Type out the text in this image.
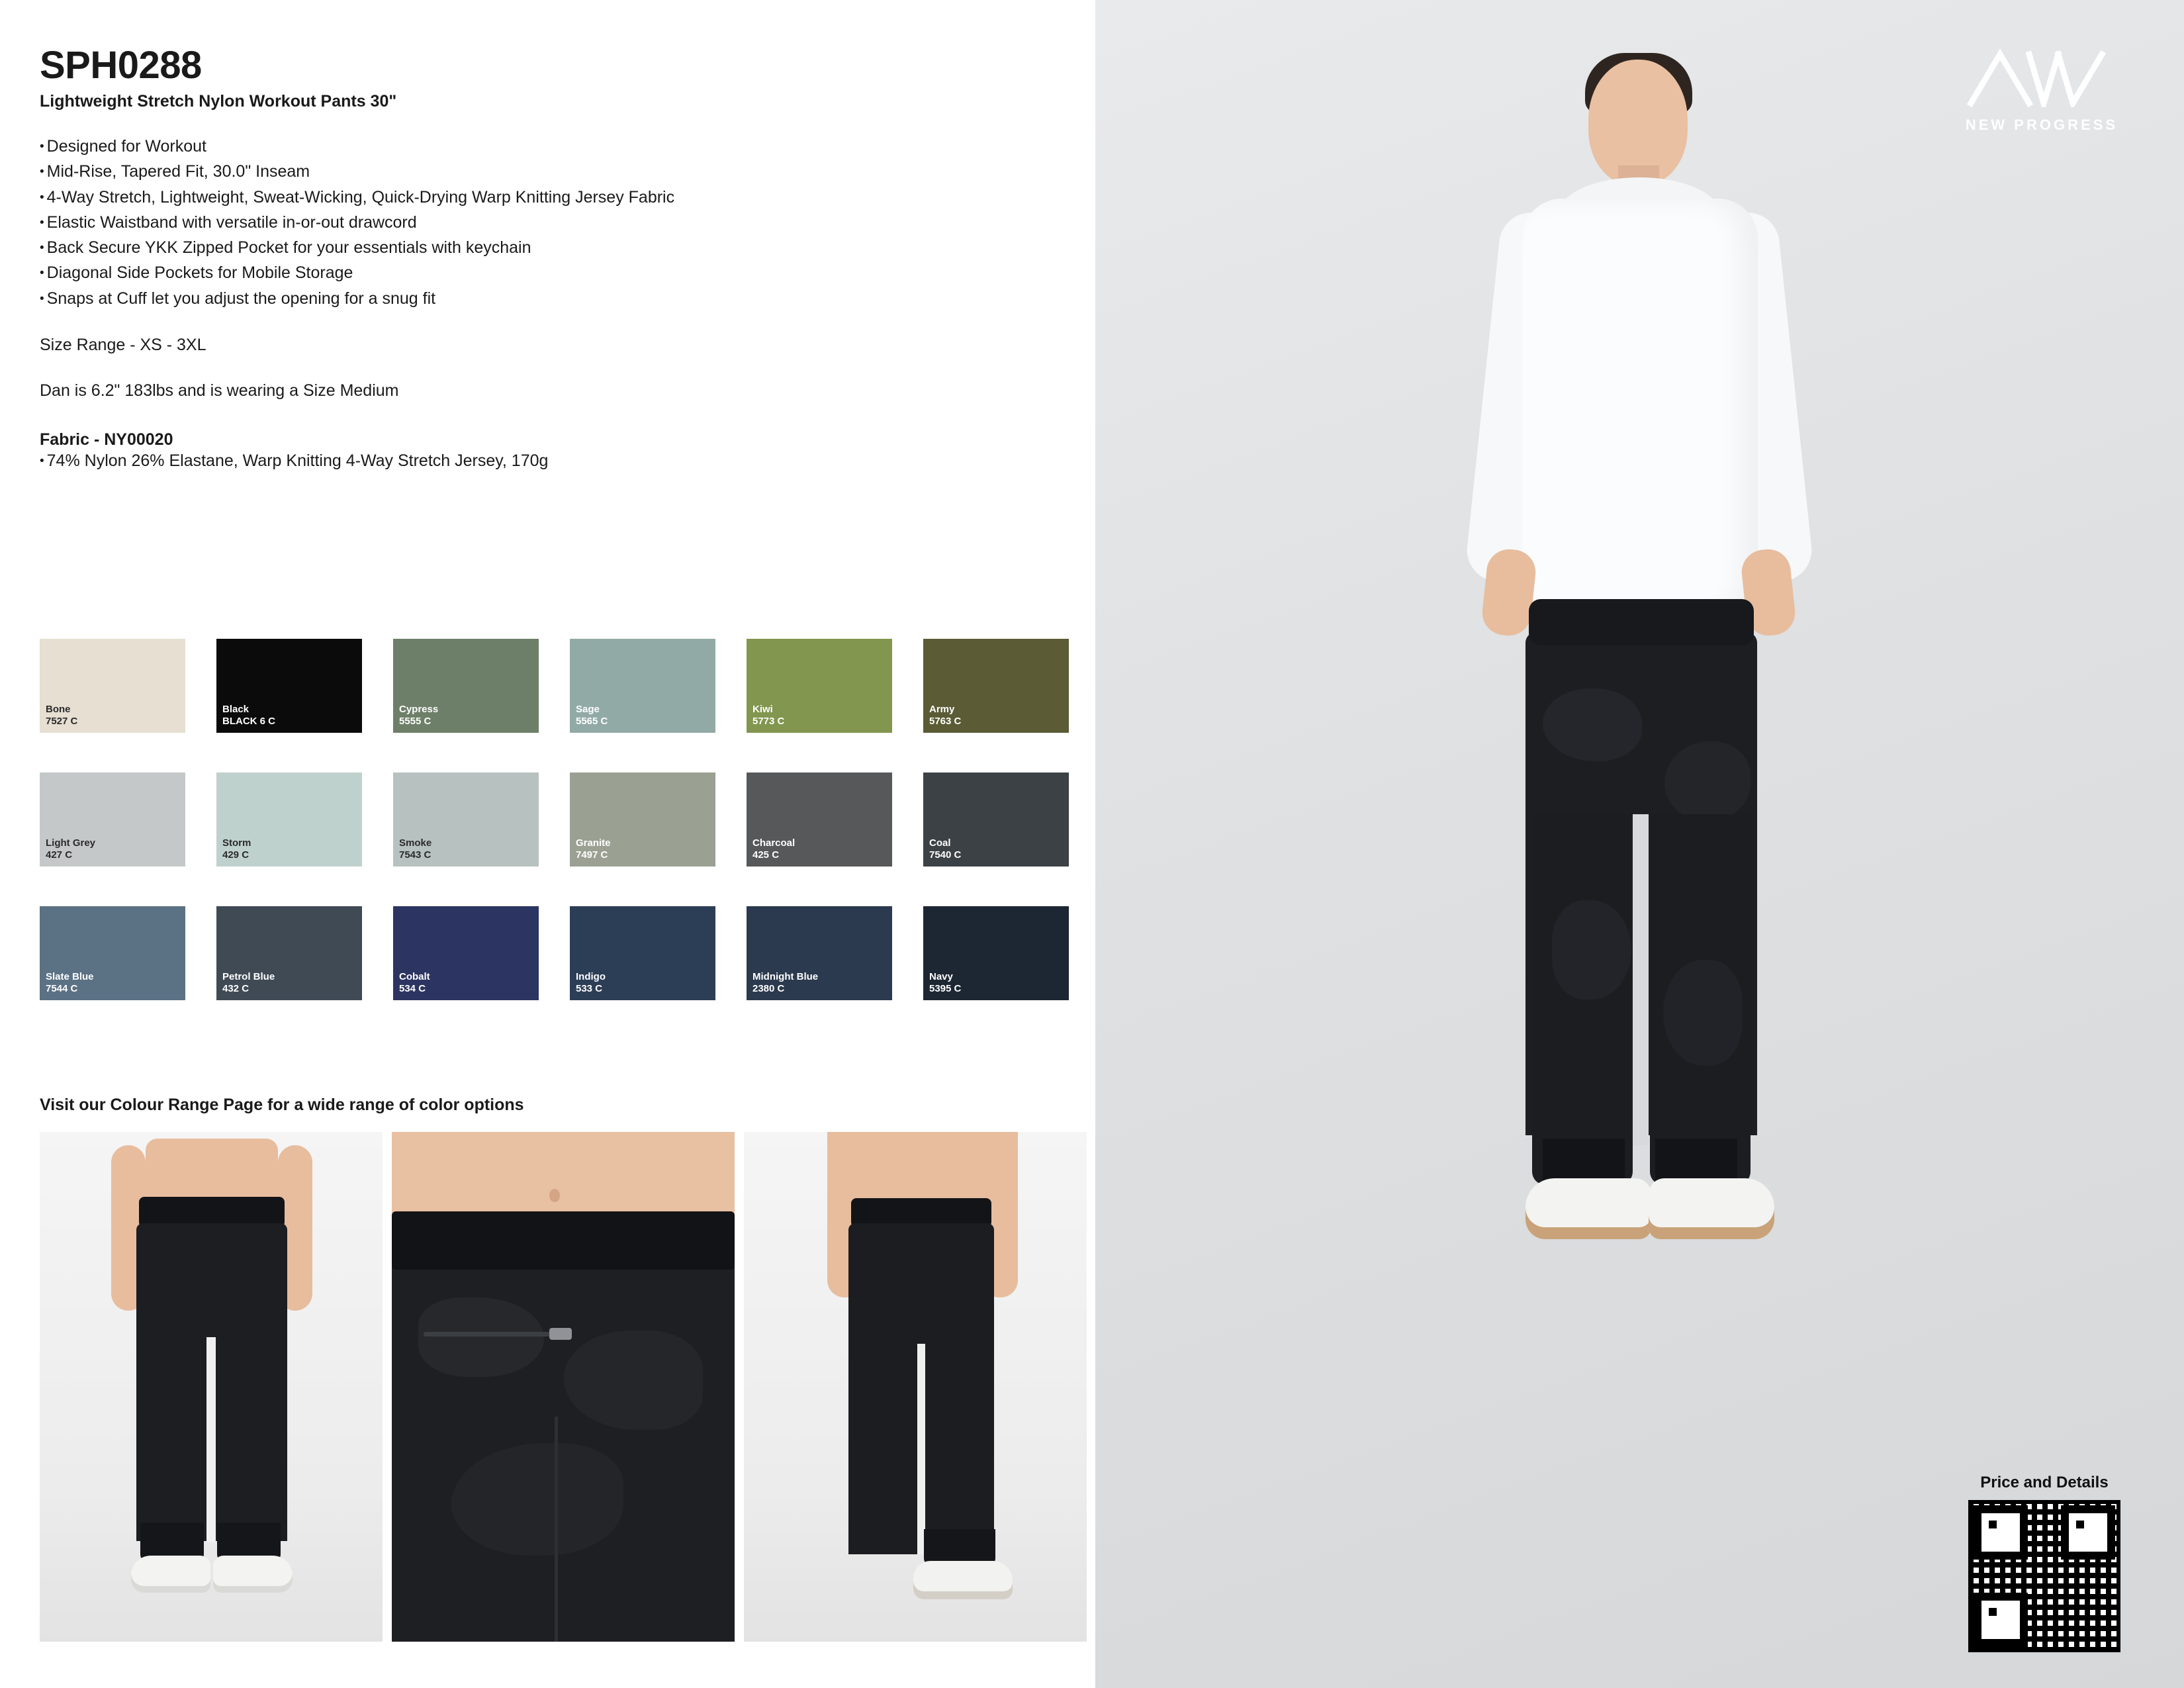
SPH0288
Lightweight Stretch Nylon Workout Pants 30"
• Designed for Workout
• Mid-Rise, Tapered Fit, 30.0" Inseam
• 4-Way Stretch, Lightweight, Sweat-Wicking, Quick-Drying Warp Knitting Jersey Fabric
• Elastic Waistband with versatile in-or-out drawcord
• Back Secure YKK Zipped Pocket for your essentials with keychain
• Diagonal Side Pockets for Mobile Storage
• Snaps at Cuff let you adjust the opening for a snug fit
Size Range - XS - 3XL
Dan is 6.2" 183lbs and is wearing a Size Medium
Fabric - NY00020
• 74% Nylon 26% Elastane, Warp Knitting 4-Way Stretch Jersey, 170g
Bone
7527 C
Black
BLACK 6 C
Cypress
5555 C
Sage
5565 C
Kiwi
5773 C
Army
5763 C
Light Grey
427 C
Storm
429 C
Smoke
7543 C
Granite
7497 C
Charcoal
425 C
Coal
7540 C
Slate Blue
7544 C
Petrol Blue
432 C
Cobalt
534 C
Indigo
533 C
Midnight Blue
2380 C
Navy
5395 C
Visit our Colour Range Page for a wide range of color options
NEW PROGRESS
Price and Details
